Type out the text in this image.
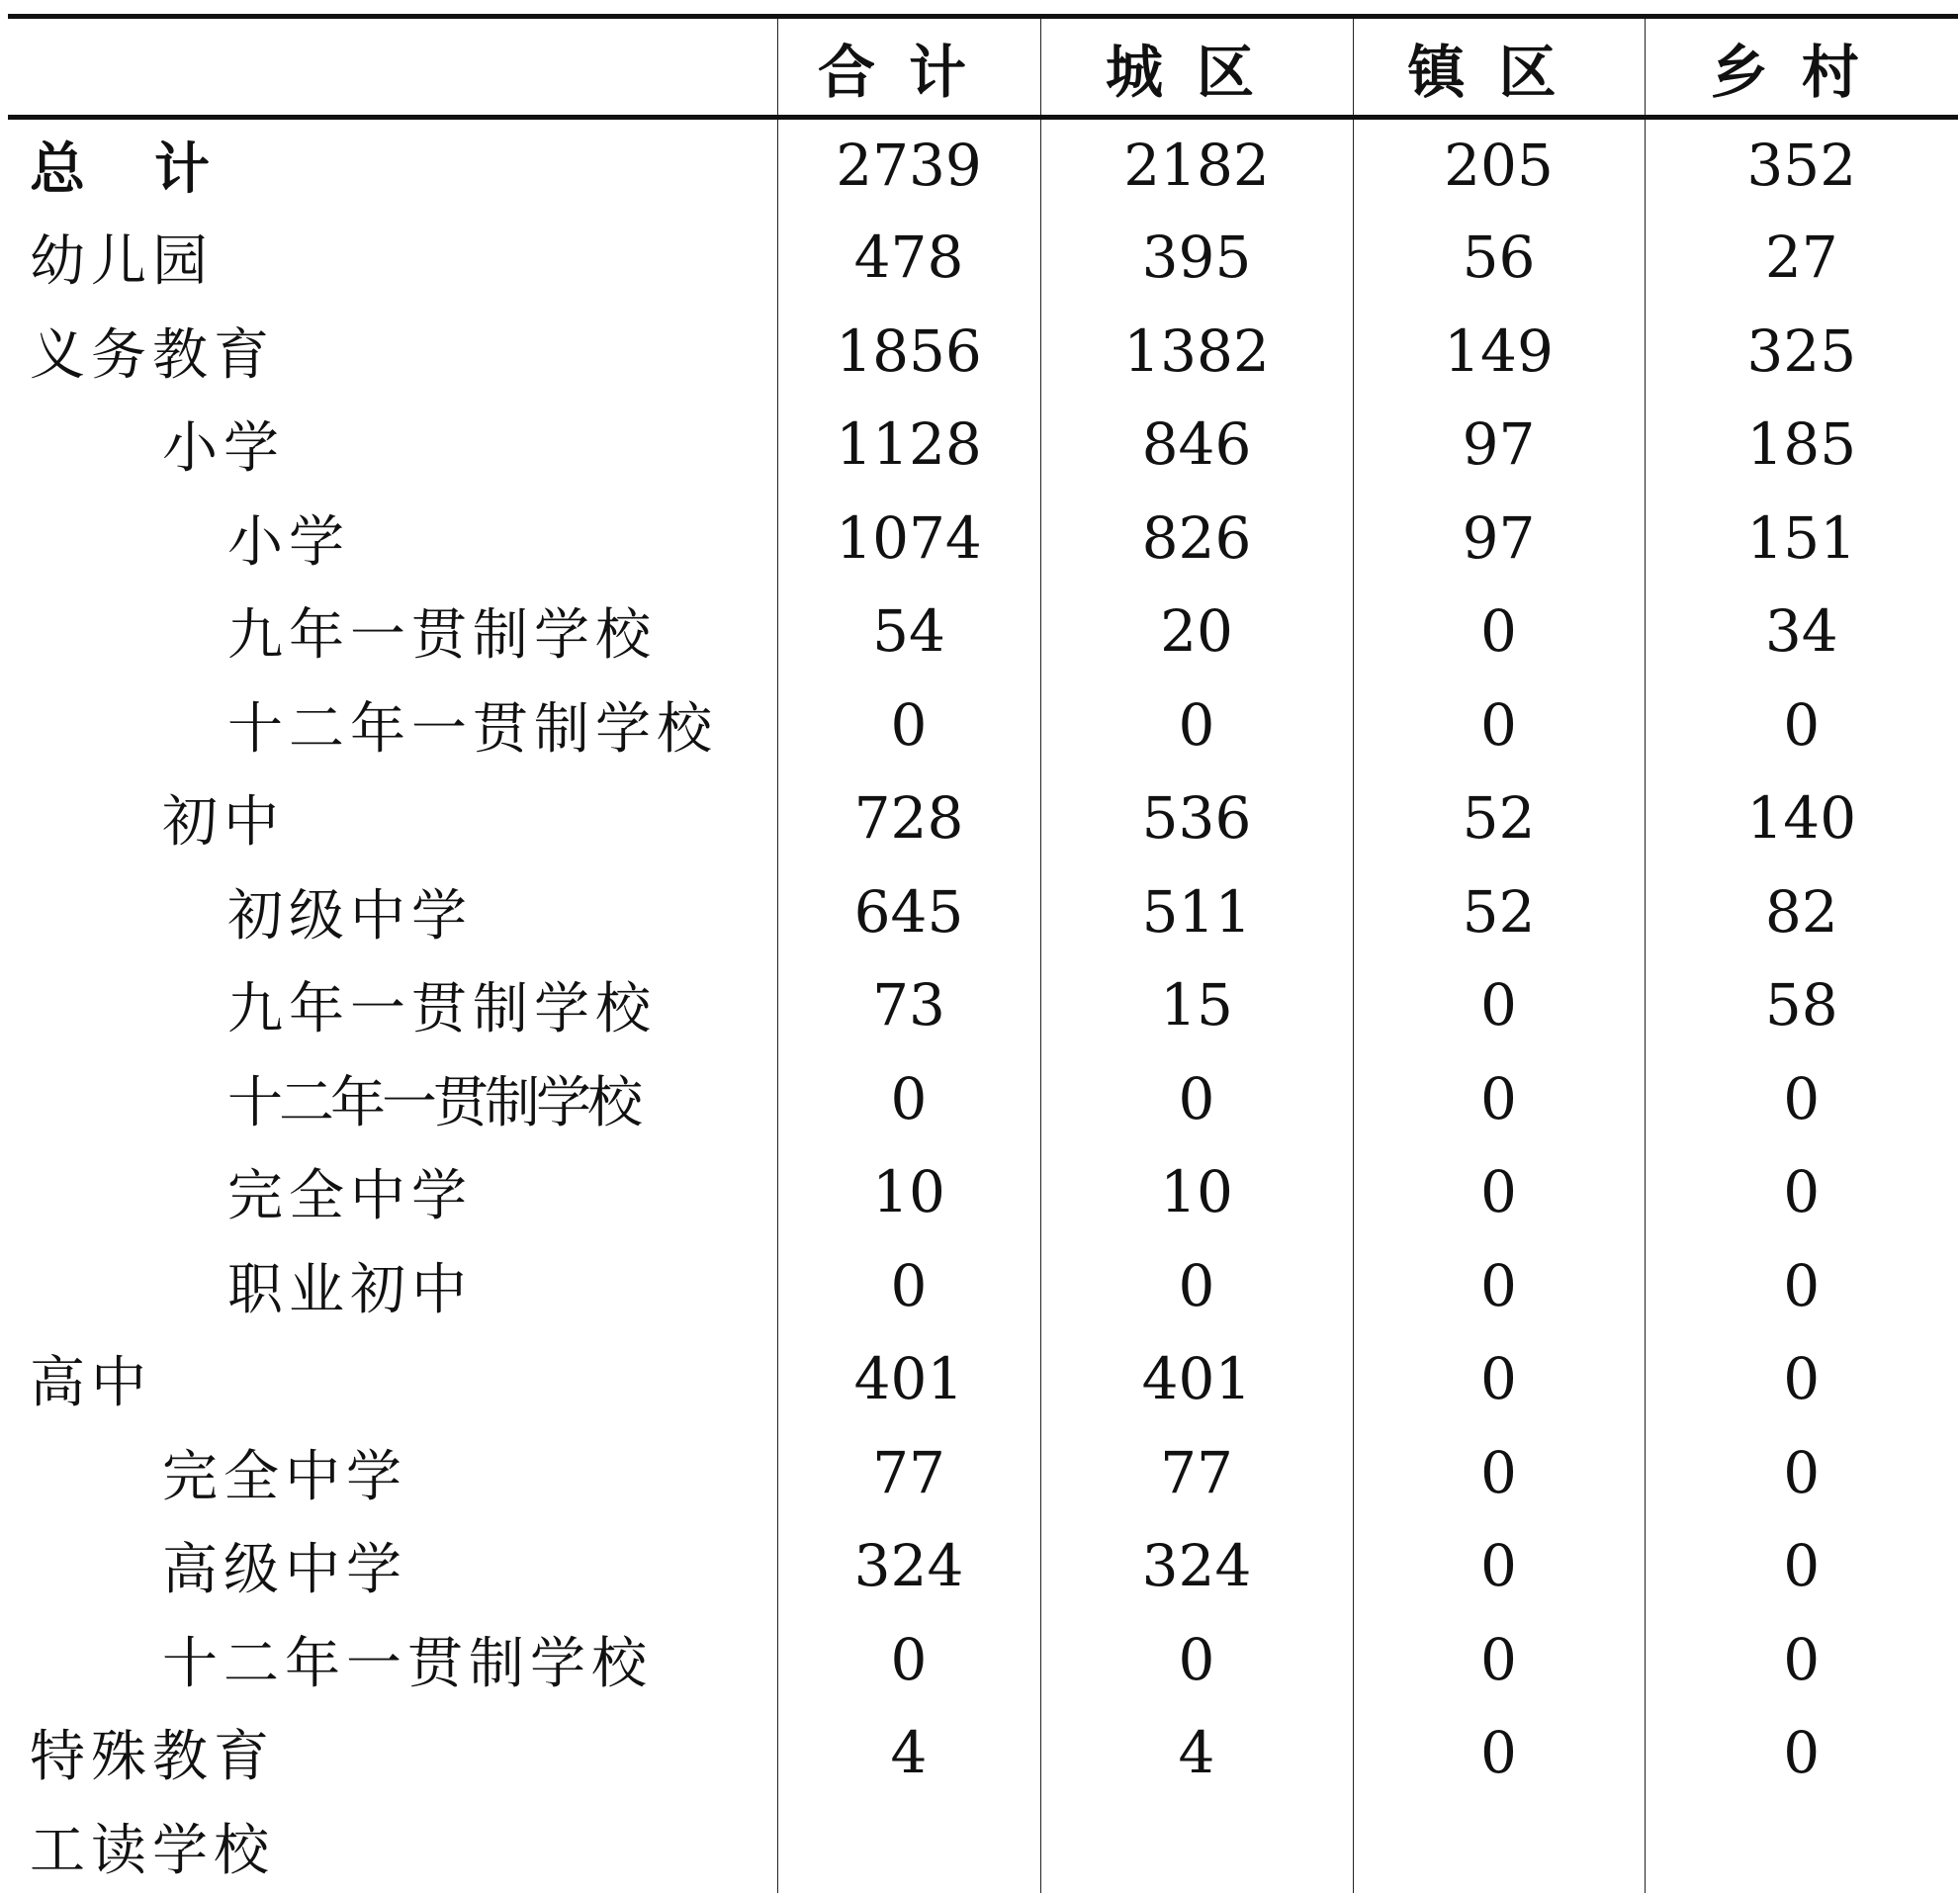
	合计	城区	镇区	乡村
总计	2739	2182	205	352
幼儿园	478	395	56	27
义务教育	1856	1382	149	325
小学	1128	846	97	185
小学	1074	826	97	151
九年一贯制学校	54	20	0	34
十二年一贯制学校	0	0	0	0
初中	728	536	52	140
初级中学	645	511	52	82
九年一贯制学校	73	15	0	58
十二年一贯制学校	0	0	0	0
完全中学	10	10	0	0
职业初中	0	0	0	0
高中	401	401	0	0
完全中学	77	77	0	0
高级中学	324	324	0	0
十二年一贯制学校	0	0	0	0
特殊教育	4	4	0	0
工读学校				
